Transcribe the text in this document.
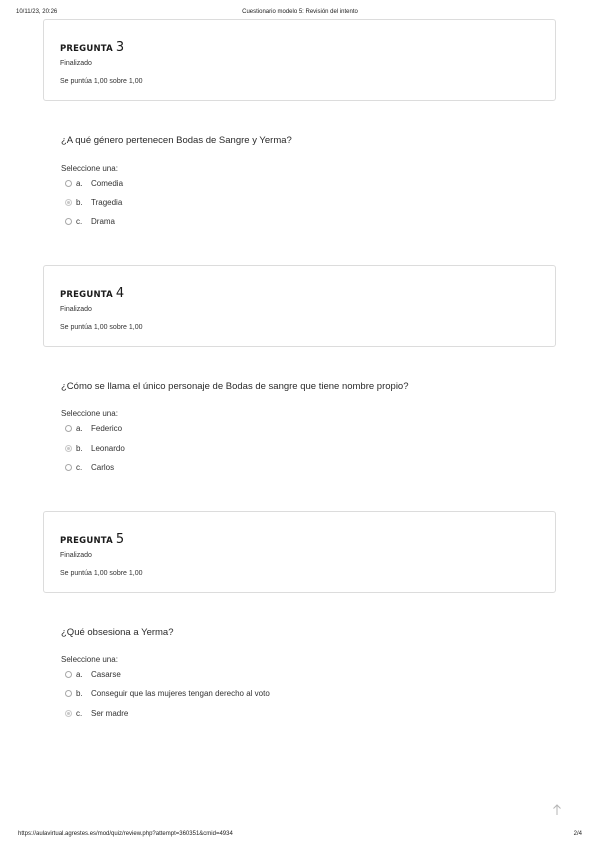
10/11/23, 20:26	Cuestionario modelo 5: Revisión del intento
PREGUNTA 3
Finalizado
Se puntúa 1,00 sobre 1,00
¿A qué género pertenecen Bodas de Sangre y Yerma?
Seleccione una:
a. Comedia
b. Tragedia
c. Drama
PREGUNTA 4
Finalizado
Se puntúa 1,00 sobre 1,00
¿Cómo se llama el único personaje de Bodas de sangre que tiene nombre propio?
Seleccione una:
a. Federico
b. Leonardo
c. Carlos
PREGUNTA 5
Finalizado
Se puntúa 1,00 sobre 1,00
¿Qué obsesiona a Yerma?
Seleccione una:
a. Casarse
b. Conseguir que las mujeres tengan derecho al voto
c. Ser madre
https://aulavirtual.agrestes.es/mod/quiz/review.php?attempt=360351&cmid=4934	2/4
